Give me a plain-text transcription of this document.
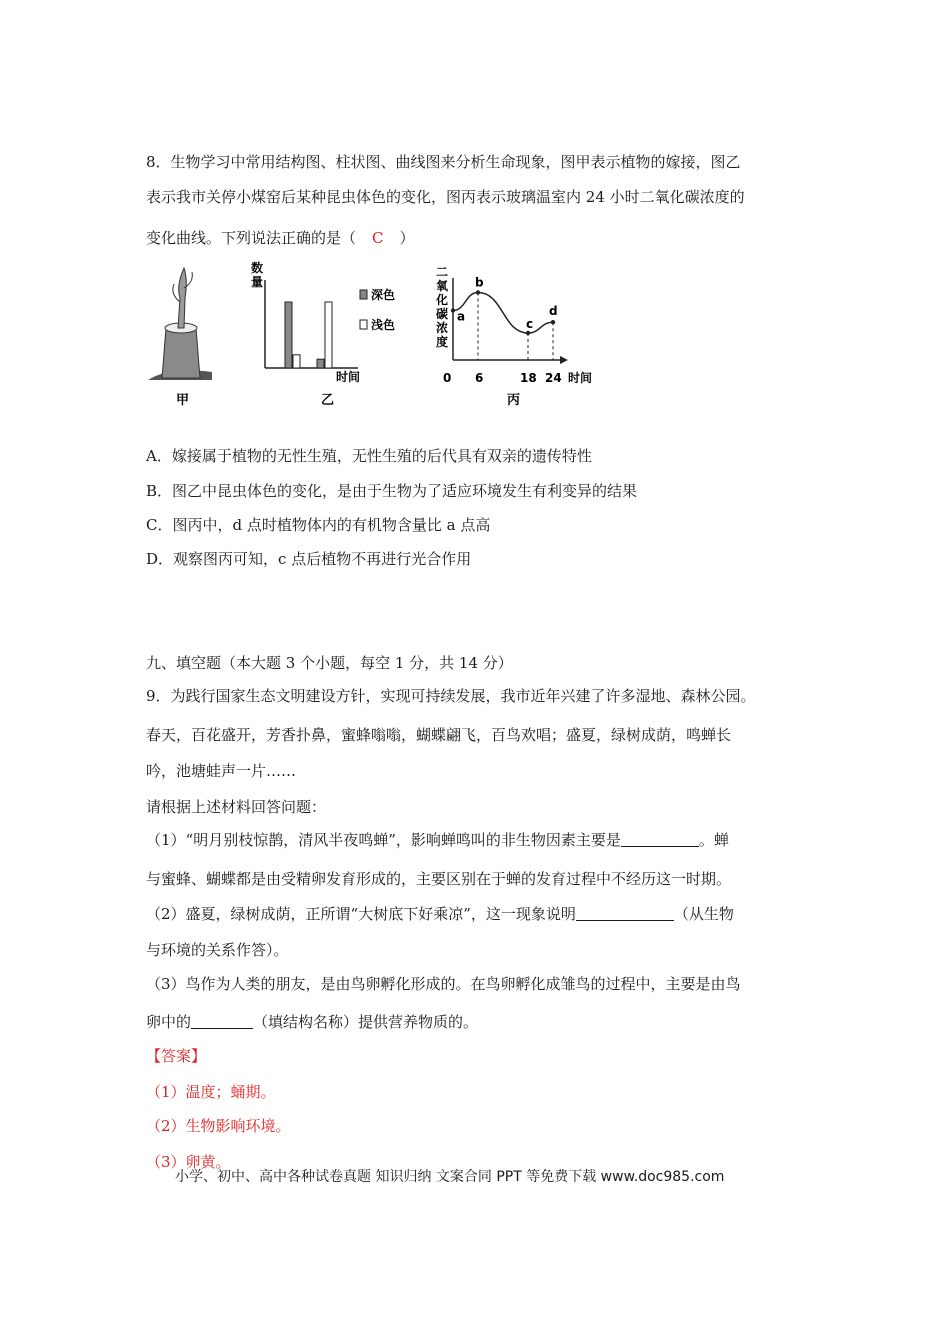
8．生物学习中常用结构图、柱状图、曲线图来分析生命现象，图甲表示植物的嫁接，图乙
表示我市关停小煤窑后某种昆虫体色的变化，图丙表示玻璃温室内 24 小时二氧化碳浓度的
变化曲线。下列说法正确的是（ C ）
甲
数
量
深色
浅色
时间
乙
二
氧
化
碳
浓
度
a
b
c
d
0 6	18 24 时间
丙
A．嫁接属于植物的无性生殖，无性生殖的后代具有双亲的遗传特性
B．图乙中昆虫体色的变化，是由于生物为了适应环境发生有利变异的结果
C．图丙中，d 点时植物体内的有机物含量比 a 点高
D．观察图丙可知，c 点后植物不再进行光合作用
九、填空题（本大题 3 个小题，每空 1 分，共 14 分）
9．为践行国家生态文明建设方针，实现可持续发展，我市近年兴建了许多湿地、森林公园。
春天，百花盛开，芳香扑鼻，蜜蜂嗡嗡，蝴蝶翩飞，百鸟欢唱；盛夏，绿树成荫，鸣蝉长
吟，池塘蛙声一片……
请根据上述材料回答问题：
（1）“明月别枝惊鹊，清风半夜鸣蝉”，影响蝉鸣叫的非生物因素主要是	。蝉
与蜜蜂、蝴蝶都是由受精卵发育形成的，主要区别在于蝉的发育过程中不经历这一时期。
（2）盛夏，绿树成荫，正所谓“大树底下好乘凉”，这一现象说明	（从生物
与环境的关系作答）。
（3）鸟作为人类的朋友，是由鸟卵孵化形成的。在鸟卵孵化成雏鸟的过程中，主要是由鸟
卵中的	（填结构名称）提供营养物质的。
【答案】
（1）温度；蛹期。
（2）生物影响环境。
（3）卵黄。
小学、初中、高中各种试卷真题 知识归纳 文案合同 PPT 等免费下载 www.doc985.com
